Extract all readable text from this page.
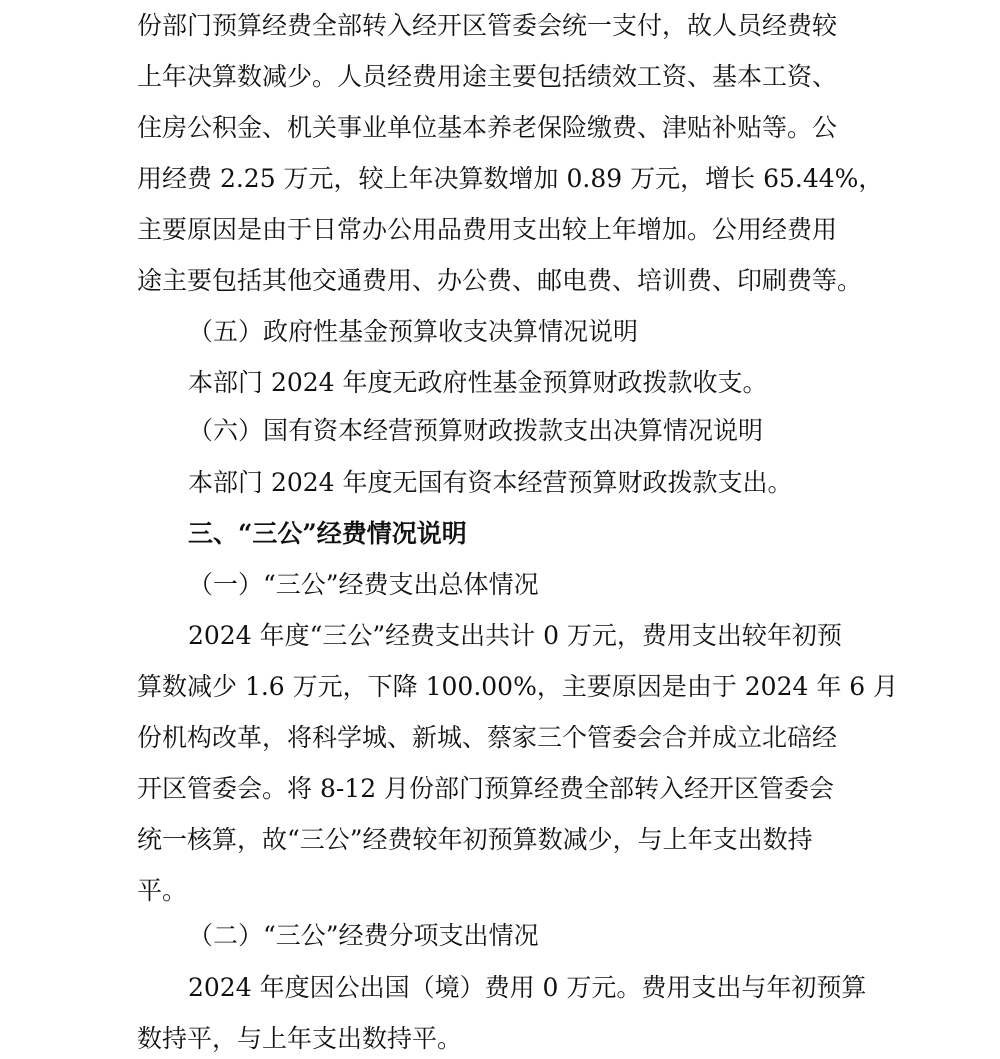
份部门预算经费全部转入经开区管委会统一支付，故人员经费较
上年决算数减少。人员经费用途主要包括绩效工资、基本工资、
住房公积金、机关事业单位基本养老保险缴费、津贴补贴等。公
用经费 2.25 万元，较上年决算数增加 0.89 万元，增长 65.44%，
主要原因是由于日常办公用品费用支出较上年增加。公用经费用
途主要包括其他交通费用、办公费、邮电费、培训费、印刷费等。
（五）政府性基金预算收支决算情况说明
本部门 2024 年度无政府性基金预算财政拨款收支。
（六）国有资本经营预算财政拨款支出决算情况说明
本部门 2024 年度无国有资本经营预算财政拨款支出。
三、“三公”经费情况说明
（一）“三公”经费支出总体情况
2024 年度“三公”经费支出共计 0 万元，费用支出较年初预
算数减少 1.6 万元，下降 100.00%，主要原因是由于 2024 年 6 月
份机构改革，将科学城、新城、蔡家三个管委会合并成立北碚经
开区管委会。将 8-12 月份部门预算经费全部转入经开区管委会
统一核算，故“三公”经费较年初预算数减少，与上年支出数持
平。
（二）“三公”经费分项支出情况
2024 年度因公出国（境）费用 0 万元。费用支出与年初预算
数持平，与上年支出数持平。
